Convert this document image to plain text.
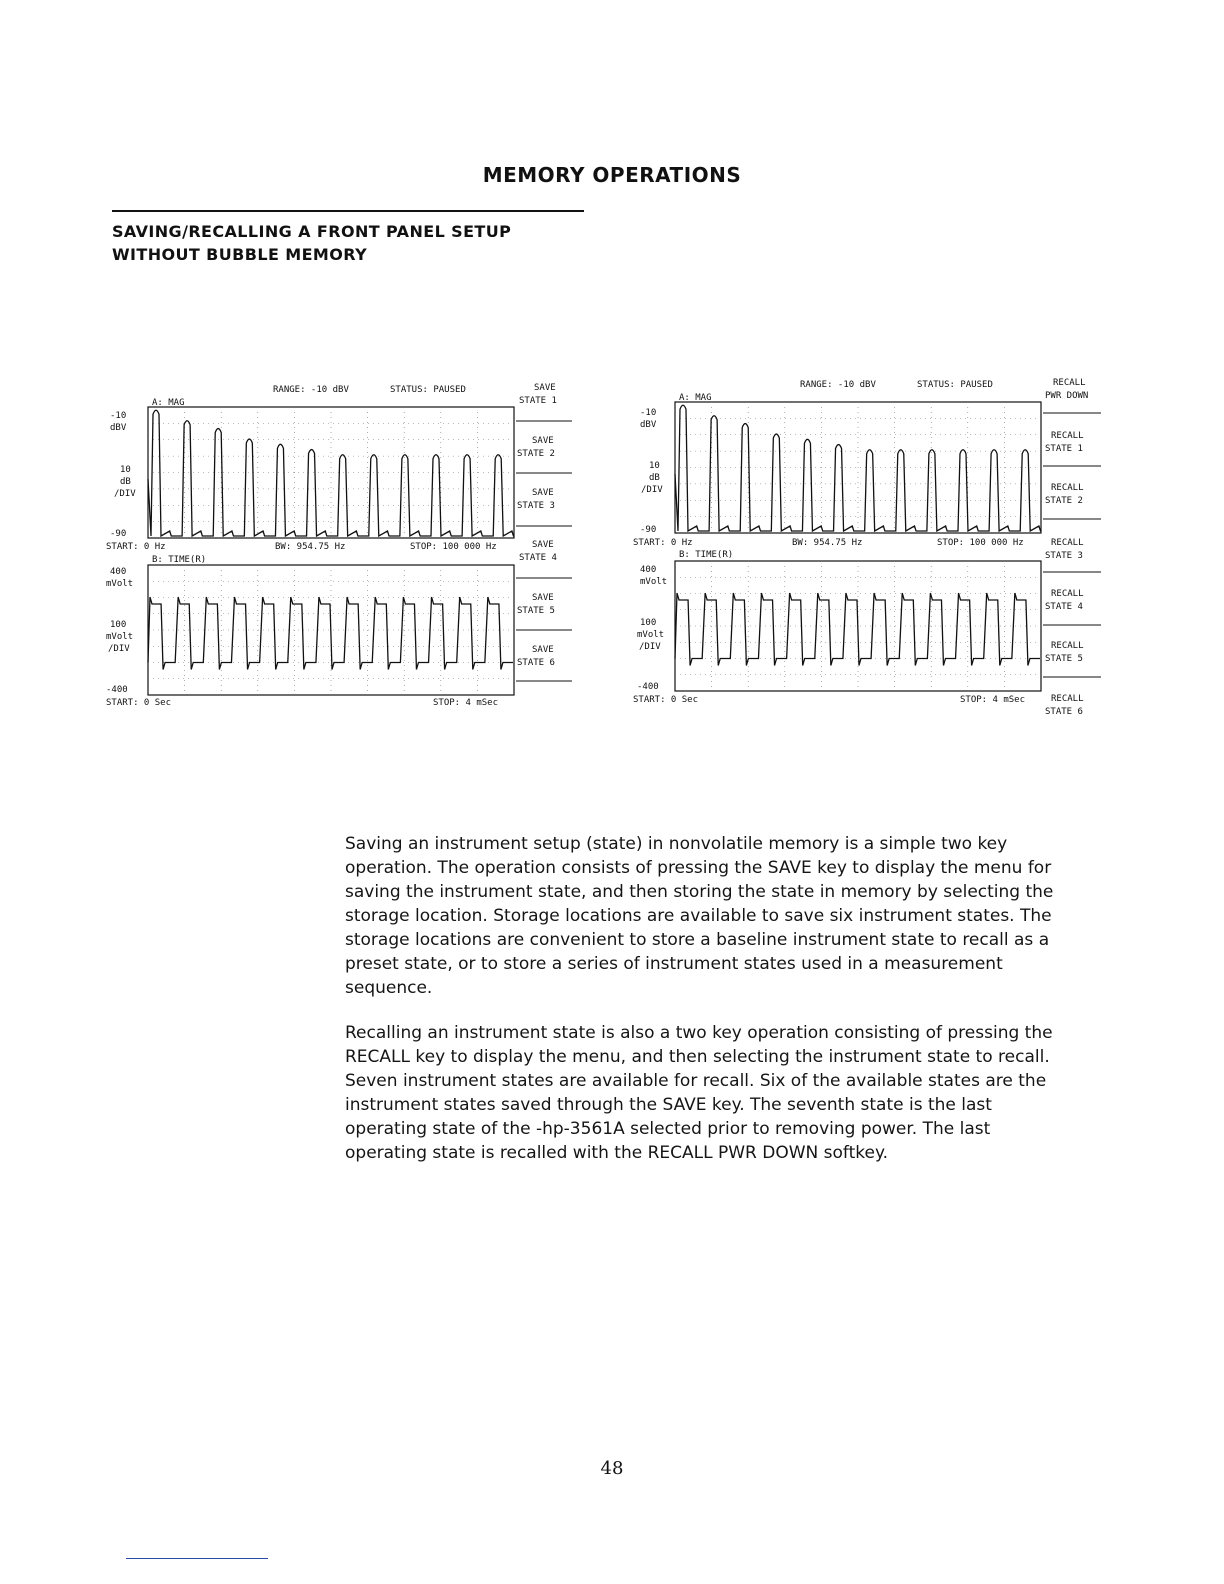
MEMORY OPERATIONS
SAVING/RECALLING A FRONT PANEL SETUP
WITHOUT BUBBLE MEMORY
RANGE: -10 dBV	STATUS: PAUSED
A: MAG
-10
dBV
10
dB
/DIV
-90
START: 0 Hz	BW: 954.75 Hz	STOP: 100 000 Hz
B: TIME(R)
400
mVolt
100
mVolt
/DIV
-400
START: 0 Sec	STOP: 4 mSec
SAVE
STATE 1
SAVE
STATE 2
SAVE
STATE 3
SAVE
STATE 4
SAVE
STATE 5
SAVE
STATE 6
RANGE: -10 dBV	STATUS: PAUSED
A: MAG
-10
dBV
10
dB
/DIV
-90
START: 0 Hz	BW: 954.75 Hz	STOP: 100 000 Hz
B: TIME(R)
400
mVolt
100
mVolt
/DIV
-400
START: 0 Sec	STOP: 4 mSec
RECALL
PWR DOWN
RECALL
STATE 1
RECALL
STATE 2
RECALL
STATE 3
RECALL
STATE 4
RECALL
STATE 5
RECALL
STATE 6
Saving an instrument setup (state) in nonvolatile memory is a simple two key
operation. The operation consists of pressing the SAVE key to display the menu for
saving the instrument state, and then storing the state in memory by selecting the
storage location. Storage locations are available to save six instrument states. The
storage locations are convenient to store a baseline instrument state to recall as a
preset state, or to store a series of instrument states used in a measurement
sequence.
Recalling an instrument state is also a two key operation consisting of pressing the
RECALL key to display the menu, and then selecting the instrument state to recall.
Seven instrument states are available for recall. Six of the available states are the
instrument states saved through the SAVE key. The seventh state is the last
operating state of the -hp-3561A selected prior to removing power. The last
operating state is recalled with the RECALL PWR DOWN softkey.
48
